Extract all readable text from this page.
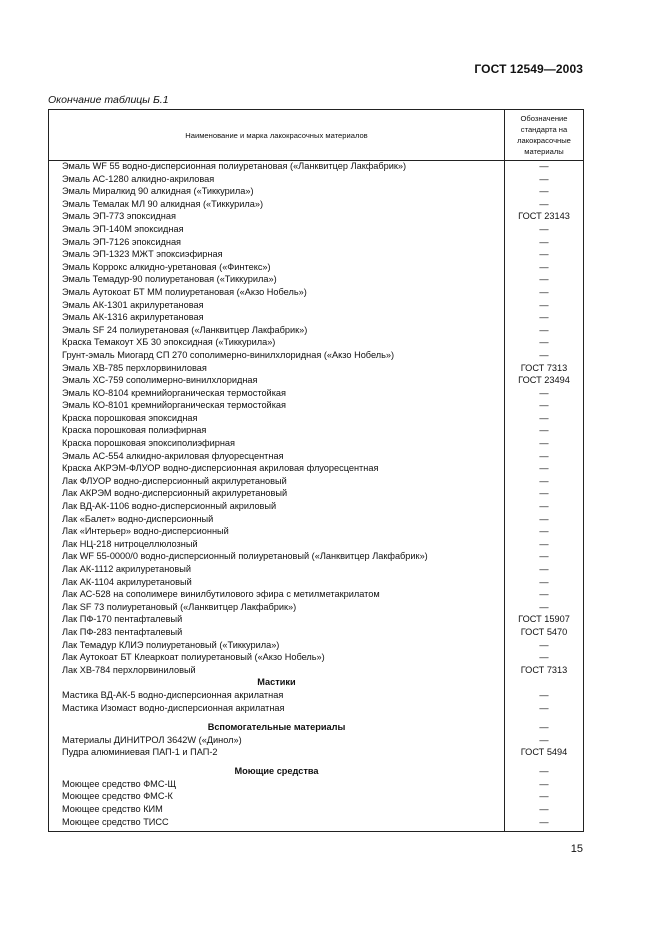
ГОСТ 12549—2003
Окончание таблицы Б.1
Наименование и марка лакокрасочных материалов
Обозначение стандарта на лакокрасочные материалы
Эмаль WF 55 водно-дисперсионная полиуретановая («Ланквитцер Лакфабрик»)	—
Эмаль АС-1280 алкидно-акриловая	—
Эмаль Миралкид 90 алкидная («Тиккурила»)	—
Эмаль Темалак МЛ 90 алкидная («Тиккурила»)	—
Эмаль ЭП-773 эпоксидная	ГОСТ 23143
Эмаль ЭП-140М эпоксидная	—
Эмаль ЭП-7126 эпоксидная	—
Эмаль ЭП-1323 МЖТ эпоксиэфирная	—
Эмаль Коррокс алкидно-уретановая («Финтекс»)	—
Эмаль Темадур-90 полиуретановая («Тиккурила»)	—
Эмаль Аутокоат БТ ММ полиуретановая («Акзо Нобель»)	—
Эмаль АК-1301 акрилуретановая	—
Эмаль АК-1316 акрилуретановая	—
Эмаль SF 24 полиуретановая («Ланквитцер Лакфабрик»)	—
Краска Темакоут ХБ 30 эпоксидная («Тиккурила»)	—
Грунт-эмаль Миогард СП 270 сополимерно-винилхлоридная («Акзо Нобель»)	—
Эмаль ХВ-785 перхлорвиниловая	ГОСТ 7313
Эмаль ХС-759 сополимерно-винилхлоридная	ГОСТ 23494
Эмаль КО-8104 кремнийорганическая термостойкая	—
Эмаль КО-8101 кремнийорганическая термостойкая	—
Краска порошковая эпоксидная	—
Краска порошковая полиэфирная	—
Краска порошковая эпоксиполиэфирная	—
Эмаль АС-554 алкидно-акриловая флуоресцентная	—
Краска АКРЭМ-ФЛУОР водно-дисперсионная акриловая флуоресцентная	—
Лак ФЛУОР водно-дисперсионный акрилуретановый	—
Лак АКРЭМ водно-дисперсионный акрилуретановый	—
Лак ВД-АК-1106 водно-дисперсионный акриловый	—
Лак «Балет» водно-дисперсионный	—
Лак «Интерьер» водно-дисперсионный	—
Лак НЦ-218 нитроцеллюлозный	—
Лак WF 55-0000/0 водно-дисперсионный полиуретановый («Ланквитцер Лакфабрик»)	—
Лак АК-1112 акрилуретановый	—
Лак АК-1104 акрилуретановый	—
Лак АС-528 на сополимере винилбутилового эфира с метилметакрилатом	—
Лак SF 73 полиуретановый («Ланквитцер Лакфабрик»)	—
Лак ПФ-170 пентафталевый	ГОСТ 15907
Лак ПФ-283 пентафталевый	ГОСТ 5470
Лак Темадур КЛИЭ полиуретановый («Тиккурила»)	—
Лак Аутокоат БТ Клеаркоат полиуретановый («Акзо Нобель»)	—
Лак ХВ-784 перхлорвиниловый	ГОСТ 7313
Мастики
Мастика ВД-АК-5 водно-дисперсионная акрилатная	—
Мастика Изомаст водно-дисперсионная акрилатная	—
Вспомогательные материалы	—
Материалы ДИНИТРОЛ 3642W («Динол»)	—
Пудра алюминиевая ПАП-1 и ПАП-2	ГОСТ 5494
Моющие средства	—
Моющее средство ФМС-Щ	—
Моющее средство ФМС-К	—
Моющее средство КИМ	—
Моющее средство ТИСС	—
15
